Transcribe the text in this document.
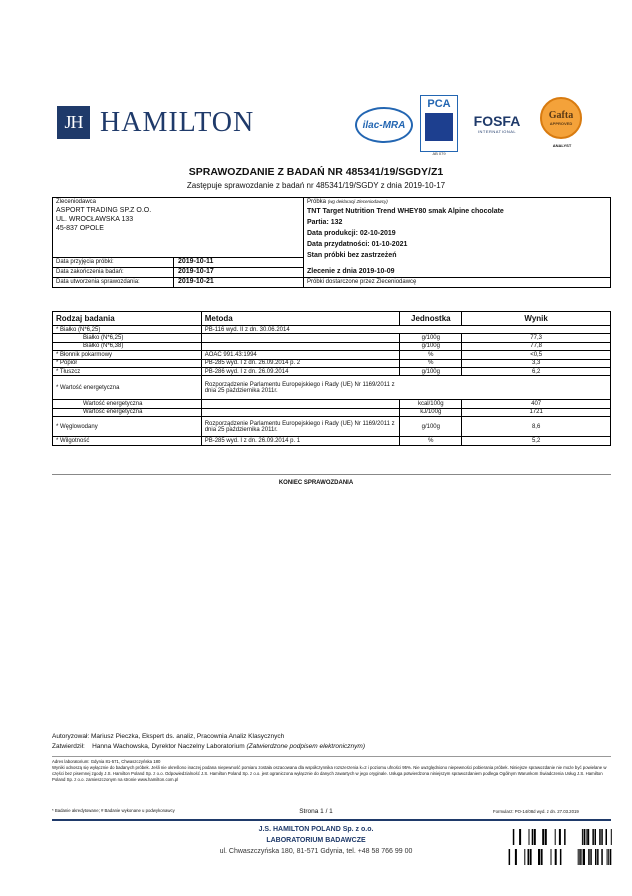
JH HAMILTON	ilac-MRA
PCA
AB 079
FOSFA
INTERNATIONAL
Gafta
APPROVED
ANALYST
SPRAWOZDANIE Z BADAŃ NR 485341/19/SGDY/Z1
Zastępuje sprawozdanie z badań nr 485341/19/SGDY z dnia 2019-10-17
Zleceniodawca
ASPORT TRADING SP.Z O.O.
UL. WROCŁAWSKA 133
45-837 OPOLE
Data przyjęcia próbki:	2019-10-11
Data zakończenia badań:	2019-10-17
Data utworzenia sprawozdania:	2019-10-21
Próbka (wg deklaracji Zleceniodawcy)
TNT Target Nutrition Trend WHEY80 smak Alpine chocolate
Partia: 132
Data produkcji: 02-10-2019
Data przydatności: 01-10-2021
Stan próbki bez zastrzeżeń
Zlecenie z dnia 2019-10-09
Próbki dostarczone przez Zleceniodawcę
Rodzaj badania	Metoda	Jednostka	Wynik
* Białko (N*6,25)	PB-116 wyd. II z dn. 30.06.2014		
Białko (N*6,25)		g/100g	77,3
Białko (N*6,38)		g/100g	77,8
* Błonnik pokarmowy	AOAC 991.43:1994	%	<0,5
* Popiół	PB-285 wyd. I z dn. 26.09.2014 p. 2	%	3,3
* Tłuszcz	PB-286 wyd. I z dn. 26.09.2014	g/100g	6,2
* Wartość energetyczna	Rozporządzenie Parlamentu Europejskiego i Rady (UE) Nr 1169/2011 z dnia 25 października 2011r.		

Wartość energetyczna		kcal/100g	407
Wartość energetyczna		kJ/100g	1721
* Węglowodany	Rozporządzenie Parlamentu Europejskiego i Rady (UE) Nr 1169/2011 z dnia 25 października 2011r.	g/100g	8,6
* Wilgotność	PB-285 wyd. I z dn. 26.09.2014 p. 1	%	5,2
KONIEC SPRAWOZDANIA
Autoryzował: Mariusz Pieczka, Ekspert ds. analiz, Pracownia Analiz Klasycznych
Zatwierdził: Hanna Wachowska, Dyrektor Naczelny Laboratorium (Zatwierdzone podpisem elektronicznym)
Adres laboratorium: Gdynia 81-571, Chwaszczyńska 180
Wyniki odnoszą się wyłącznie do badanych próbek. Jeśli nie określono inaczej podana niepewność pomiaru została oszacowana dla współczynnika rozszerzenia k=2 i poziomu ufności 95%. Nie uwzględniono niepewności pobierania próbek. Niniejsze sprawozdanie nie może być powielane w części bez pisemnej zgody J.S. Hamilton Poland Sp. z o.o. Odpowiedzialność J.S. Hamilton Poland Sp. z o.o. jest ograniczona wyłącznie do danych zawartych w jego oryginale. Usługa potwierdzona niniejszym sprawozdaniem podlega Ogólnym Warunkom Świadczenia Usług J.S. Hamilton Poland Sp. z o.o. zamieszczonym na stronie www.hamilton.com.pl
* Badanie akredytowane; # Badanie wykonane u podwykonawcy	Strona 1 / 1	Formularz: PO-14/08d wyd. z dn. 27.03.2019
J.S. HAMILTON POLAND Sp. z o.o.
LABORATORIUM BADAWCZE
ul. Chwaszczyńska 180, 81-571 Gdynia, tel. +48 58 766 99 00
